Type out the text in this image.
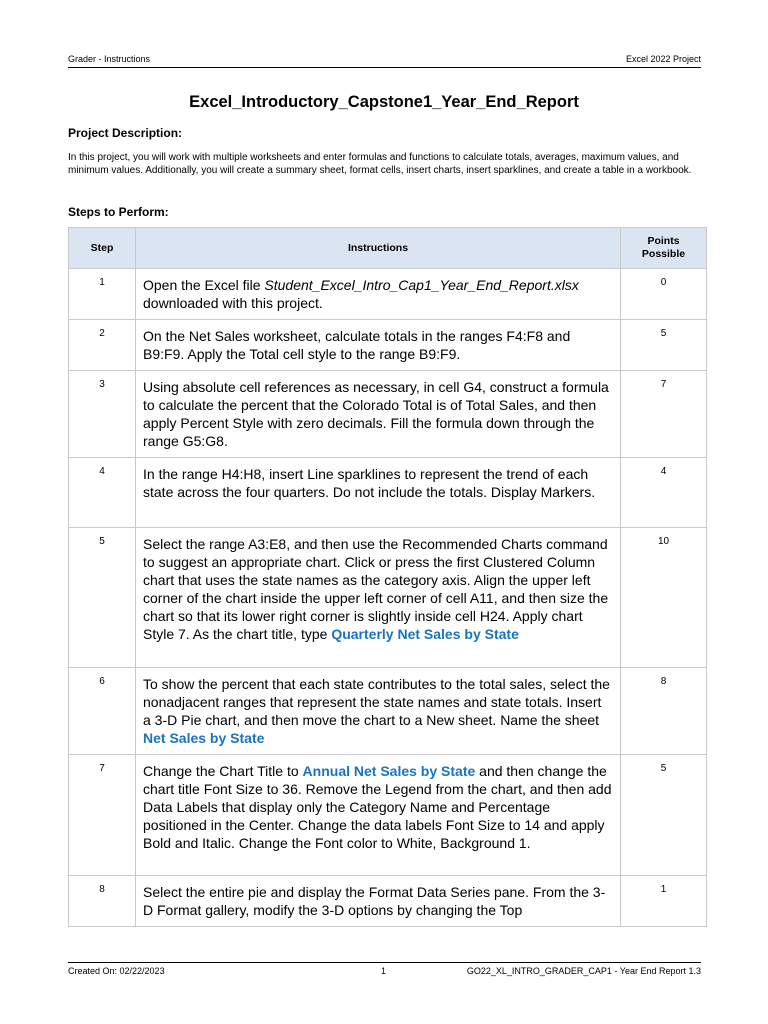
Grader - Instructions	Excel 2022 Project
Excel_Introductory_Capstone1_Year_End_Report
Project Description:
In this project, you will work with multiple worksheets and enter formulas and functions to calculate totals, averages, maximum values, and minimum values. Additionally, you will create a summary sheet, format cells, insert charts, insert sparklines, and create a table in a workbook.
Steps to Perform:
Step	Instructions	Points
Possible
1	Open the Excel file Student_Excel_Intro_Cap1_Year_End_Report.xlsx downloaded with this project.	0
2	On the Net Sales worksheet, calculate totals in the ranges F4:F8 and B9:F9. Apply the Total cell style to the range B9:F9.	5
3	Using absolute cell references as necessary, in cell G4, construct a formula to calculate the percent that the Colorado Total is of Total Sales, and then apply Percent Style with zero decimals. Fill the formula down through the range G5:G8.	7
4	In the range H4:H8, insert Line sparklines to represent the trend of each state across the four quarters. Do not include the totals. Display Markers.	4
5	Select the range A3:E8, and then use the Recommended Charts command to suggest an appropriate chart. Click or press the first Clustered Column chart that uses the state names as the category axis. Align the upper left corner of the chart inside the upper left corner of cell A11, and then size the chart so that its lower right corner is slightly inside cell H24. Apply chart Style 7. As the chart title, type Quarterly Net Sales by State	10
6	To show the percent that each state contributes to the total sales, select the nonadjacent ranges that represent the state names and state totals. Insert a 3-D Pie chart, and then move the chart to a New sheet. Name the sheet Net Sales by State	8
7	Change the Chart Title to Annual Net Sales by State and then change the chart title Font Size to 36. Remove the Legend from the chart, and then add Data Labels that display only the Category Name and Percentage positioned in the Center. Change the data labels Font Size to 14 and apply Bold and Italic. Change the Font color to White, Background 1.	5
8	Select the entire pie and display the Format Data Series pane. From the 3-D Format gallery, modify the 3-D options by changing the Top	1
Created On: 02/22/2023	1	GO22_XL_INTRO_GRADER_CAP1 - Year End Report 1.3
